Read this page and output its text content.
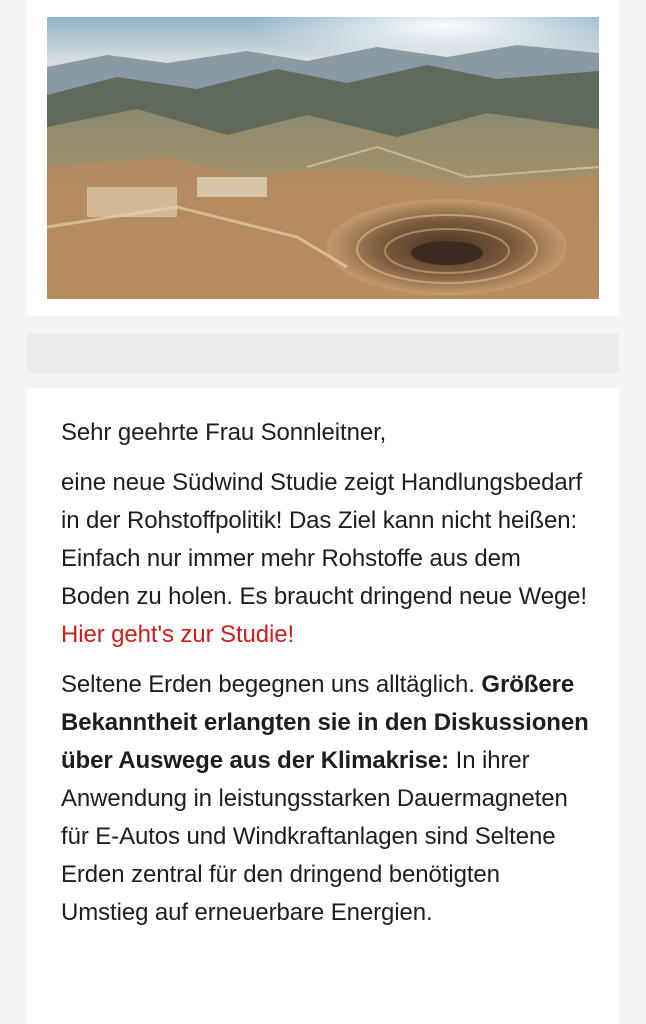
Sehr geehrte Frau Sonnleitner,

eine neue Südwind Studie zeigt Handlungsbedarf in der Rohstoffpolitik! Das Ziel kann nicht heißen: Einfach nur immer mehr Rohstoffe aus dem Boden zu holen. Es braucht dringend neue Wege! Hier geht's zur Studie!

Seltene Erden begegnen uns alltäglich. Größere Bekanntheit erlangten sie in den Diskussionen über Auswege aus der Klimakrise: In ihrer Anwendung in leistungsstarken Dauermagneten für E-Autos und Windkraftanlagen sind Seltene Erden zentral für den dringend benötigten Umstieg auf erneuerbare Energien.
